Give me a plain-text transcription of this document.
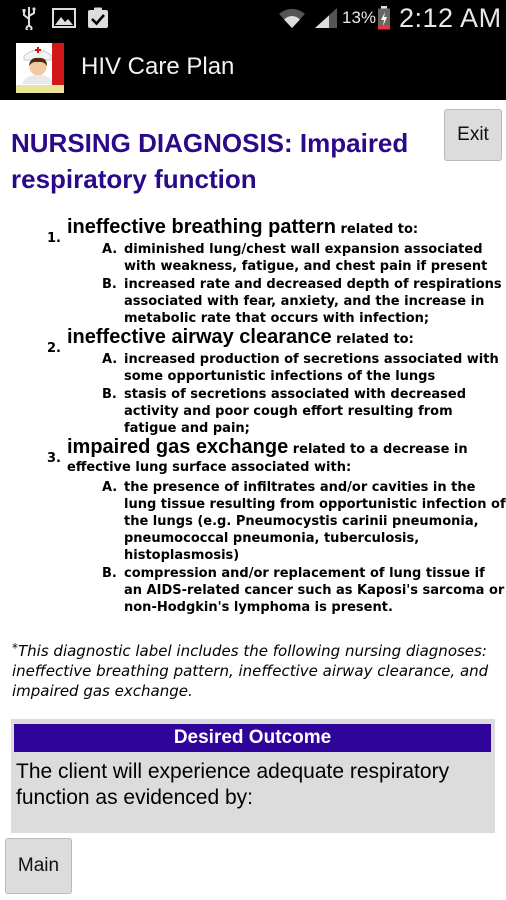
13% 2:12 AM
HIV Care Plan
Exit
NURSING DIAGNOSIS: Impaired respiratory function
1.
ineffective breathing pattern related to:
A. diminished lung/chest wall expansion associated with weakness, fatigue, and chest pain if present
B. increased rate and decreased depth of respirations associated with fear, anxiety, and the increase in metabolic rate that occurs with infection;
2.
ineffective airway clearance related to:
A. increased production of secretions associated with some opportunistic infections of the lungs
B. stasis of secretions associated with decreased activity and poor cough effort resulting from fatigue and pain;
3.
impaired gas exchange related to a decrease in effective lung surface associated with:
A. the presence of infiltrates and/or cavities in the lung tissue resulting from opportunistic infection of the lungs (e.g. Pneumocystis carinii pneumonia, pneumococcal pneumonia, tuberculosis, histoplasmosis)
B. compression and/or replacement of lung tissue if an AIDS-related cancer such as Kaposi's sarcoma or non-Hodgkin's lymphoma is present.
*This diagnostic label includes the following nursing diagnoses: ineffective breathing pattern, ineffective airway clearance, and impaired gas exchange.
Desired Outcome
The client will experience adequate respiratory function as evidenced by:
Main
